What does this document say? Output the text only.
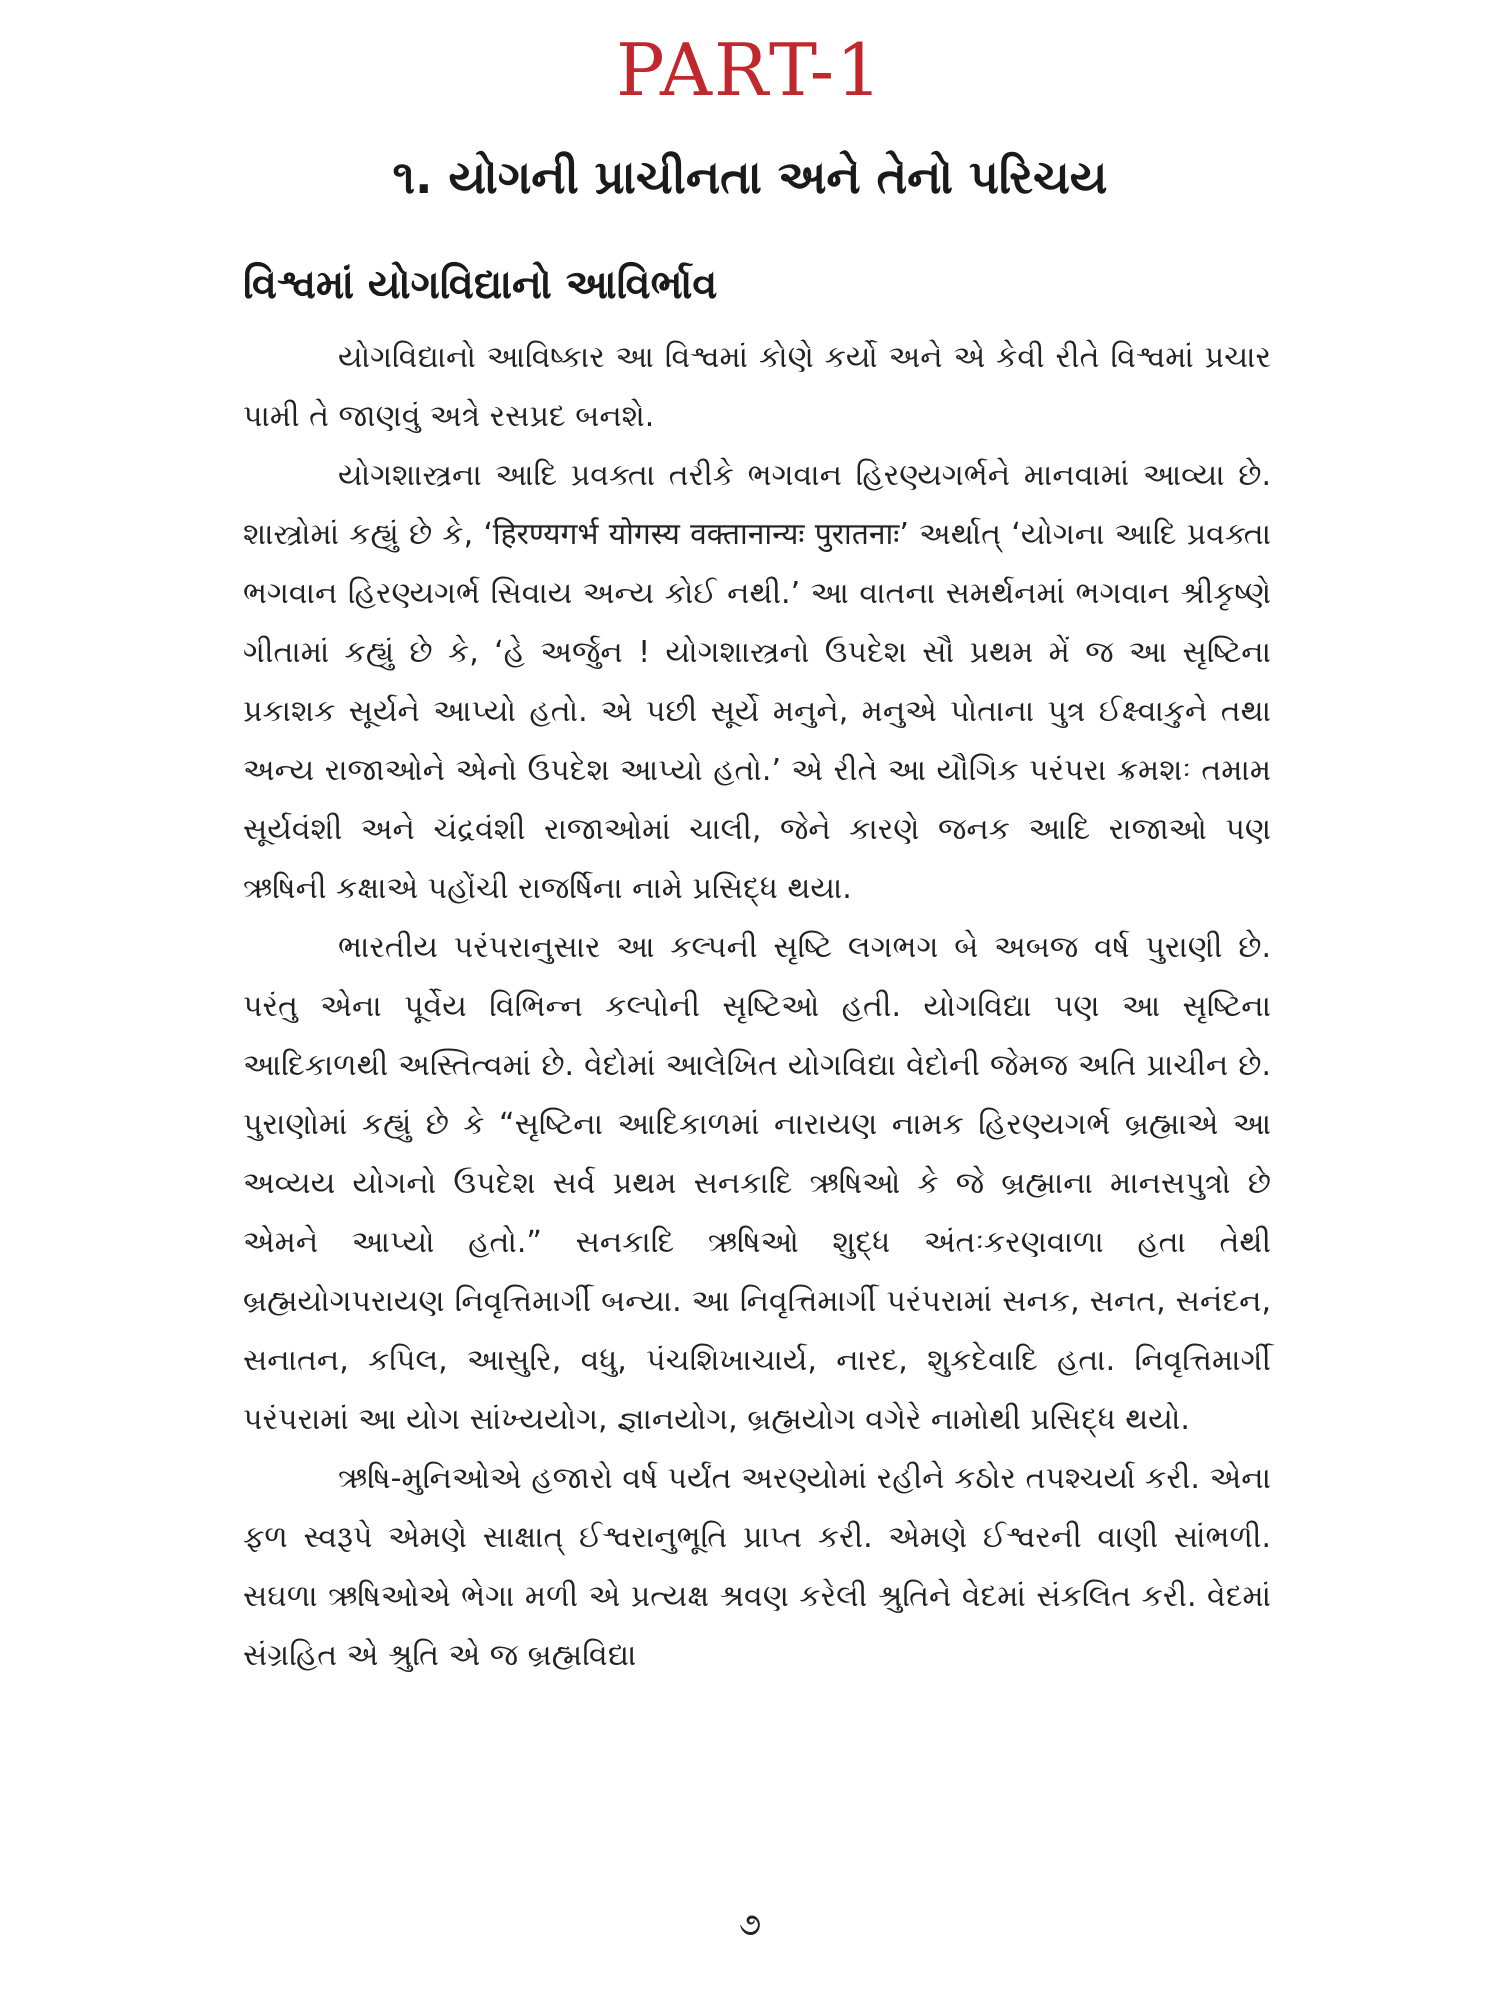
PART-1
૧. યોગની પ્રાચીનતા અને તેનો પરિચય
વિશ્વમાં યોગવિદ્યાનો આવિર્ભાવ

યોગવિદ્યાનો આવિષ્કાર આ વિશ્વમાં કોણે કર્યો અને એ કેવી રીતે વિશ્વમાં પ્રચાર પામી તે જાણવું અત્રે રસપ્રદ બનશે.

યોગશાસ્ત્રના આદિ પ્રવક્તા તરીકે ભગવાન હિરણ્યગર્ભને માનવામાં આવ્યા છે. શાસ્ત્રોમાં કહ્યું છે કે, ‘हिरण्यगर्भ योगस्य वक्तानान्यः पुरातनाः’ અર્થાત્ ‘યોગના આદિ પ્રવક્તા ભગવાન હિરણ્યગર્ભ સિવાય અન્ય કોઈ નથી.’ આ વાતના સમર્થનમાં ભગવાન શ્રીકૃષ્ણે ગીતામાં કહ્યું છે કે, ‘હે અર્જુન ! યોગશાસ્ત્રનો ઉપદેશ સૌ પ્રથમ મેં જ આ સૃષ્ટિના પ્રકાશક સૂર્યને આપ્યો હતો. એ પછી સૂર્યે મનુને, મનુએ પોતાના પુત્ર ઈક્ષ્વાકુને તથા અન્ય રાજાઓને એનો ઉપદેશ આપ્યો હતો.’ એ રીતે આ યૌગિક પરંપરા ક્રમશઃ તમામ સૂર્યવંશી અને ચંદ્રવંશી રાજાઓમાં ચાલી, જેને કારણે જનક આદિ રાજાઓ પણ ઋષિની કક્ષાએ પહોંચી રાજર્ષિના નામે પ્રસિદ્ધ થયા.

ભારતીય પરંપરાનુસાર આ કલ્પની સૃષ્ટિ લગભગ બે અબજ વર્ષ પુરાણી છે. પરંતુ એના પૂર્વેય વિભિન્ન કલ્પોની સૃષ્ટિઓ હતી. યોગવિદ્યા પણ આ સૃષ્ટિના આદિકાળથી અસ્તિત્વમાં છે. વેદોમાં આલેખિત યોગવિદ્યા વેદોની જેમજ અતિ પ્રાચીન છે. પુરાણોમાં કહ્યું છે કે “સૃષ્ટિના આદિકાળમાં નારાયણ નામક હિરણ્યગર્ભ બ્રહ્માએ આ અવ્યય યોગનો ઉપદેશ સર્વ પ્રથમ સનકાદિ ઋષિઓ કે જે બ્રહ્માના માનસપુત્રો છે એમને આપ્યો હતો.” સનકાદિ ઋષિઓ શુદ્ધ અંતઃકરણવાળા હતા તેથી બ્રહ્મયોગપરાયણ નિવૃત્તિમાર્ગી બન્યા. આ નિવૃત્તિમાર્ગી પરંપરામાં સનક, સનત, સનંદન, સનાતન, કપિલ, આસુરિ, વધુ, પંચશિખાચાર્ય, નારદ, શુકદેવાદિ હતા. નિવૃત્તિમાર્ગી પરંપરામાં આ યોગ સાંખ્યયોગ, જ્ઞાનયોગ, બ્રહ્મયોગ વગેરે નામોથી પ્રસિદ્ધ થયો.

ઋષિ-મુનિઓએ હજારો વર્ષ પર્યંત અરણ્યોમાં રહીને કઠોર તપશ્ચર્યા કરી. એના ફળ સ્વરૂપે એમણે સાક્ષાત્ ઈશ્વરાનુભૂતિ પ્રાપ્ત કરી. એમણે ઈશ્વરની વાણી સાંભળી. સઘળા ઋષિઓએ ભેગા મળી એ પ્રત્યક્ષ શ્રવણ કરેલી શ્રુતિને વેદમાં સંકલિત કરી. વેદમાં સંગ્રહિત એ શ્રુતિ એ જ બ્રહ્મવિદ્યા

૭
